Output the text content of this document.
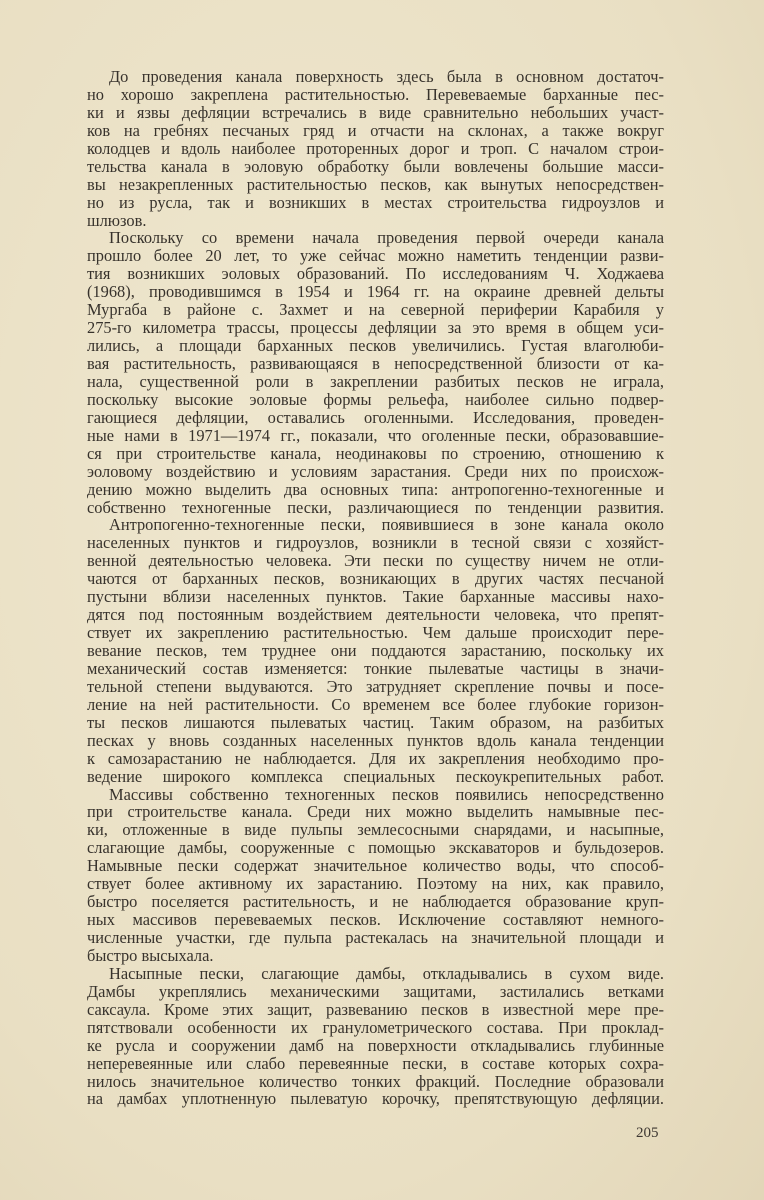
До проведения канала поверхность здесь была в основном достаточ-
но хорошо закреплена растительностью. Перевеваемые барханные пес-
ки и язвы дефляции встречались в виде сравнительно небольших участ-
ков на гребнях песчаных гряд и отчасти на склонах, а также вокруг
колодцев и вдоль наиболее проторенных дорог и троп. С началом строи-
тельства канала в эоловую обработку были вовлечены большие масси-
вы незакрепленных растительностью песков, как вынутых непосредствен-
но из русла, так и возникших в местах строительства гидроузлов и
шлюзов.
Поскольку со времени начала проведения первой очереди канала
прошло более 20 лет, то уже сейчас можно наметить тенденции разви-
тия возникших эоловых образований. По исследованиям Ч. Ходжаева
(1968), проводившимся в 1954 и 1964 гг. на окраине древней дельты
Мургаба в районе с. Захмет и на северной периферии Карабиля у
275-го километра трассы, процессы дефляции за это время в общем уси-
лились, а площади барханных песков увеличились. Густая влаголюби-
вая растительность, развивающаяся в непосредственной близости от ка-
нала, существенной роли в закреплении разбитых песков не играла,
поскольку высокие эоловые формы рельефа, наиболее сильно подвер-
гающиеся дефляции, оставались оголенными. Исследования, проведен-
ные нами в 1971—1974 гг., показали, что оголенные пески, образовавшие-
ся при строительстве канала, неодинаковы по строению, отношению к
эоловому воздействию и условиям зарастания. Среди них по происхож-
дению можно выделить два основных типа: антропогенно-техногенные и
собственно техногенные пески, различающиеся по тенденции развития.
Антропогенно-техногенные пески, появившиеся в зоне канала около
населенных пунктов и гидроузлов, возникли в тесной связи с хозяйст-
венной деятельностью человека. Эти пески по существу ничем не отли-
чаются от барханных песков, возникающих в других частях песчаной
пустыни вблизи населенных пунктов. Такие барханные массивы нахо-
дятся под постоянным воздействием деятельности человека, что препят-
ствует их закреплению растительностью. Чем дальше происходит пере-
вевание песков, тем труднее они поддаются зарастанию, поскольку их
механический состав изменяется: тонкие пылеватые частицы в значи-
тельной степени выдуваются. Это затрудняет скрепление почвы и посе-
ление на ней растительности. Со временем все более глубокие горизон-
ты песков лишаются пылеватых частиц. Таким образом, на разбитых
песках у вновь созданных населенных пунктов вдоль канала тенденции
к самозарастанию не наблюдается. Для их закрепления необходимо про-
ведение широкого комплекса специальных пескоукрепительных работ.
Массивы собственно техногенных песков появились непосредственно
при строительстве канала. Среди них можно выделить намывные пес-
ки, отложенные в виде пульпы землесосными снарядами, и насыпные,
слагающие дамбы, сооруженные с помощью экскаваторов и бульдозеров.
Намывные пески содержат значительное количество воды, что способ-
ствует более активному их зарастанию. Поэтому на них, как правило,
быстро поселяется растительность, и не наблюдается образование круп-
ных массивов перевеваемых песков. Исключение составляют немного-
численные участки, где пульпа растекалась на значительной площади и
быстро высыхала.
Насыпные пески, слагающие дамбы, откладывались в сухом виде.
Дамбы укреплялись механическими защитами, застилались ветками
саксаула. Кроме этих защит, развеванию песков в известной мере пре-
пятствовали особенности их гранулометрического состава. При проклад-
ке русла и сооружении дамб на поверхности откладывались глубинные
неперевеянные или слабо перевеянные пески, в составе которых сохра-
нилось значительное количество тонких фракций. Последние образовали
на дамбах уплотненную пылеватую корочку, препятствующую дефляции.
205
